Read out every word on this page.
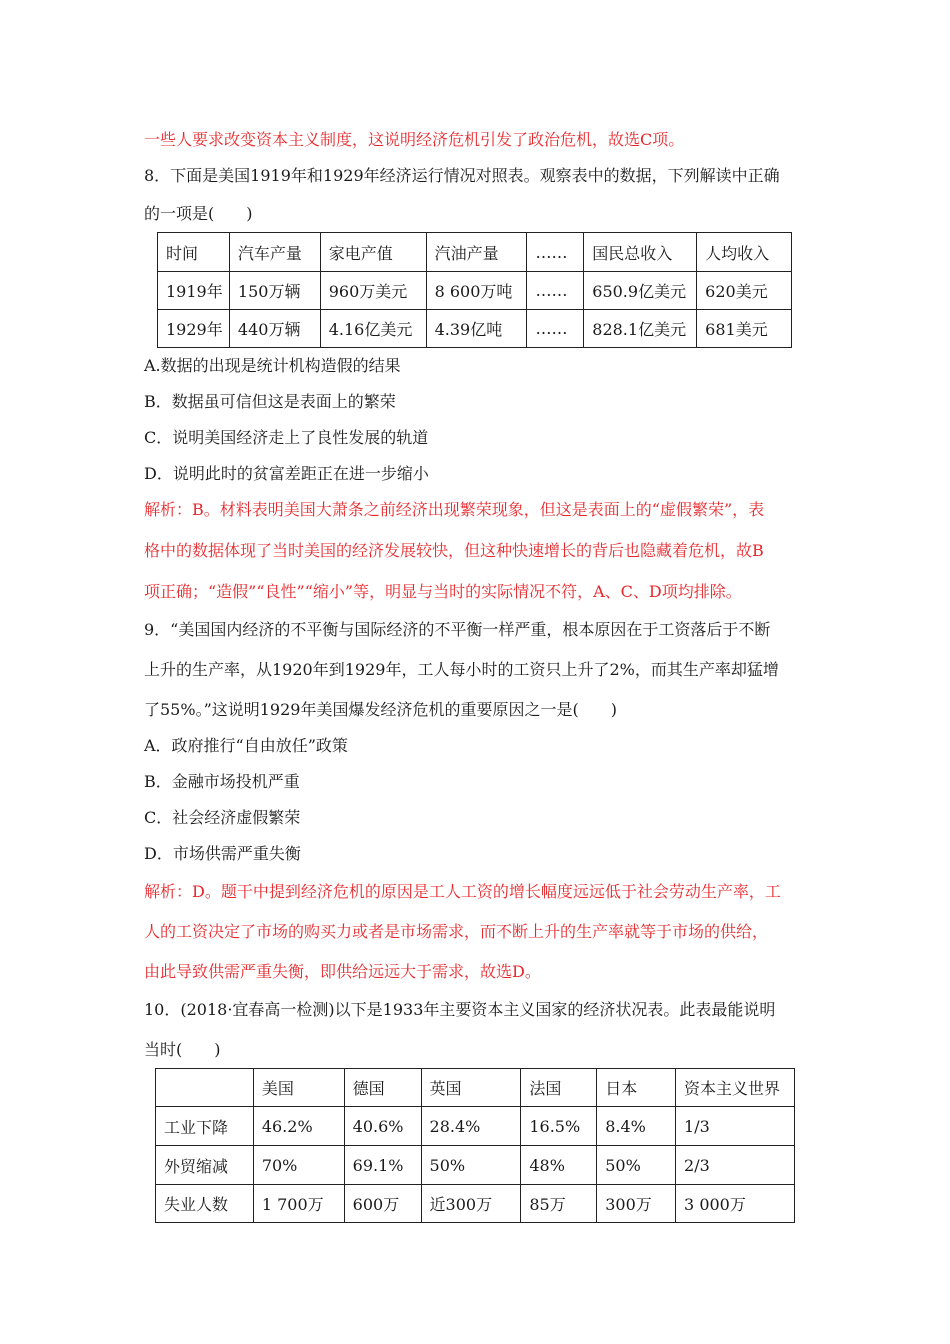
一些人要求改变资本主义制度，这说明经济危机引发了政治危机，故选C项。
8．下面是美国1919年和1929年经济运行情况对照表。观察表中的数据，下列解读中正确
的一项是(　　)
时间	汽车产量	家电产值	汽油产量	……	国民总收入	人均收入
1919年	150万辆	960万美元	8 600万吨	……	650.9亿美元	620美元
1929年	440万辆	4.16亿美元	4.39亿吨	……	828.1亿美元	681美元
A.数据的出现是统计机构造假的结果
B．数据虽可信但这是表面上的繁荣
C．说明美国经济走上了良性发展的轨道
D．说明此时的贫富差距正在进一步缩小
解析：B。材料表明美国大萧条之前经济出现繁荣现象，但这是表面上的“虚假繁荣”，表
格中的数据体现了当时美国的经济发展较快，但这种快速增长的背后也隐藏着危机，故B
项正确；“造假”“良性”“缩小”等，明显与当时的实际情况不符，A、C、D项均排除。
9．“美国国内经济的不平衡与国际经济的不平衡一样严重，根本原因在于工资落后于不断
上升的生产率，从1920年到1929年，工人每小时的工资只上升了2%，而其生产率却猛增
了55%。”这说明1929年美国爆发经济危机的重要原因之一是(　　)
A．政府推行“自由放任”政策
B．金融市场投机严重
C．社会经济虚假繁荣
D．市场供需严重失衡
解析：D。题干中提到经济危机的原因是工人工资的增长幅度远远低于社会劳动生产率，工
人的工资决定了市场的购买力或者是市场需求，而不断上升的生产率就等于市场的供给，
由此导致供需严重失衡，即供给远远大于需求，故选D。
10．(2018·宜春高一检测)以下是1933年主要资本主义国家的经济状况表。此表最能说明
当时(　　)
	美国	德国	英国	法国	日本	资本主义世界
工业下降	46.2%	40.6%	28.4%	16.5%	8.4%	1/3
外贸缩减	70%	69.1%	50%	48%	50%	2/3
失业人数	1 700万	600万	近300万	85万	300万	3 000万
